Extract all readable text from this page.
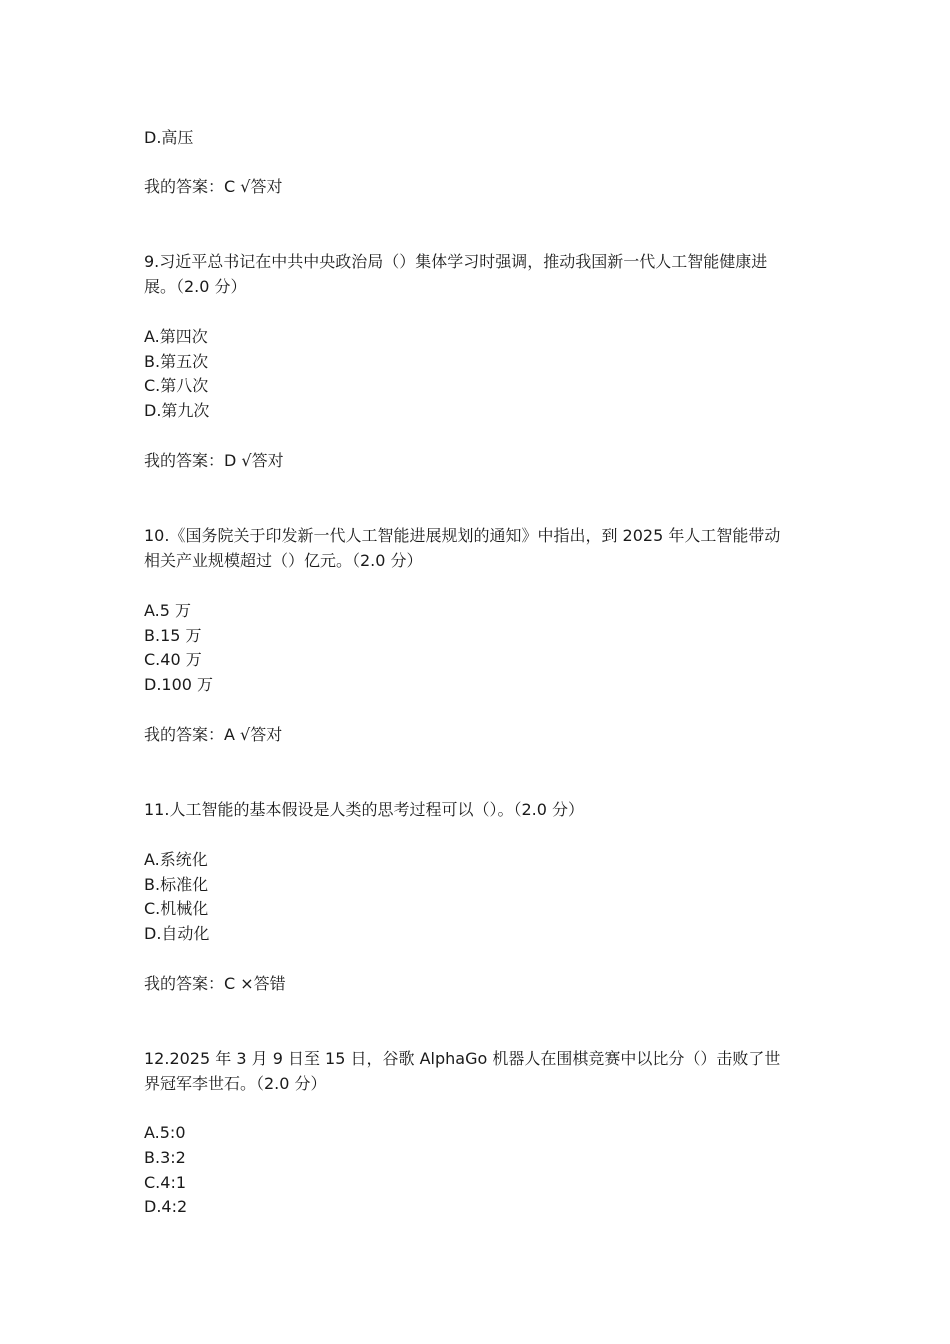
D.高压
我的答案：C √答对
9.习近平总书记在中共中央政治局（）集体学习时强调，推动我国新一代人工智能健康进
展。（2.0 分）
A.第四次
B.第五次
C.第八次
D.第九次
我的答案：D √答对
10.《国务院关于印发新一代人工智能进展规划的通知》中指出，到 2025 年人工智能带动
相关产业规模超过（）亿元。（2.0 分）
A.5 万
B.15 万
C.40 万
D.100 万
我的答案：A √答对
11.人工智能的基本假设是人类的思考过程可以（）。（2.0 分）
A.系统化
B.标准化
C.机械化
D.自动化
我的答案：C ×答错
12.2025 年 3 月 9 日至 15 日，谷歌 AlphaGo 机器人在围棋竞赛中以比分（）击败了世
界冠军李世石。（2.0 分）
A.5:0
B.3:2
C.4:1
D.4:2
